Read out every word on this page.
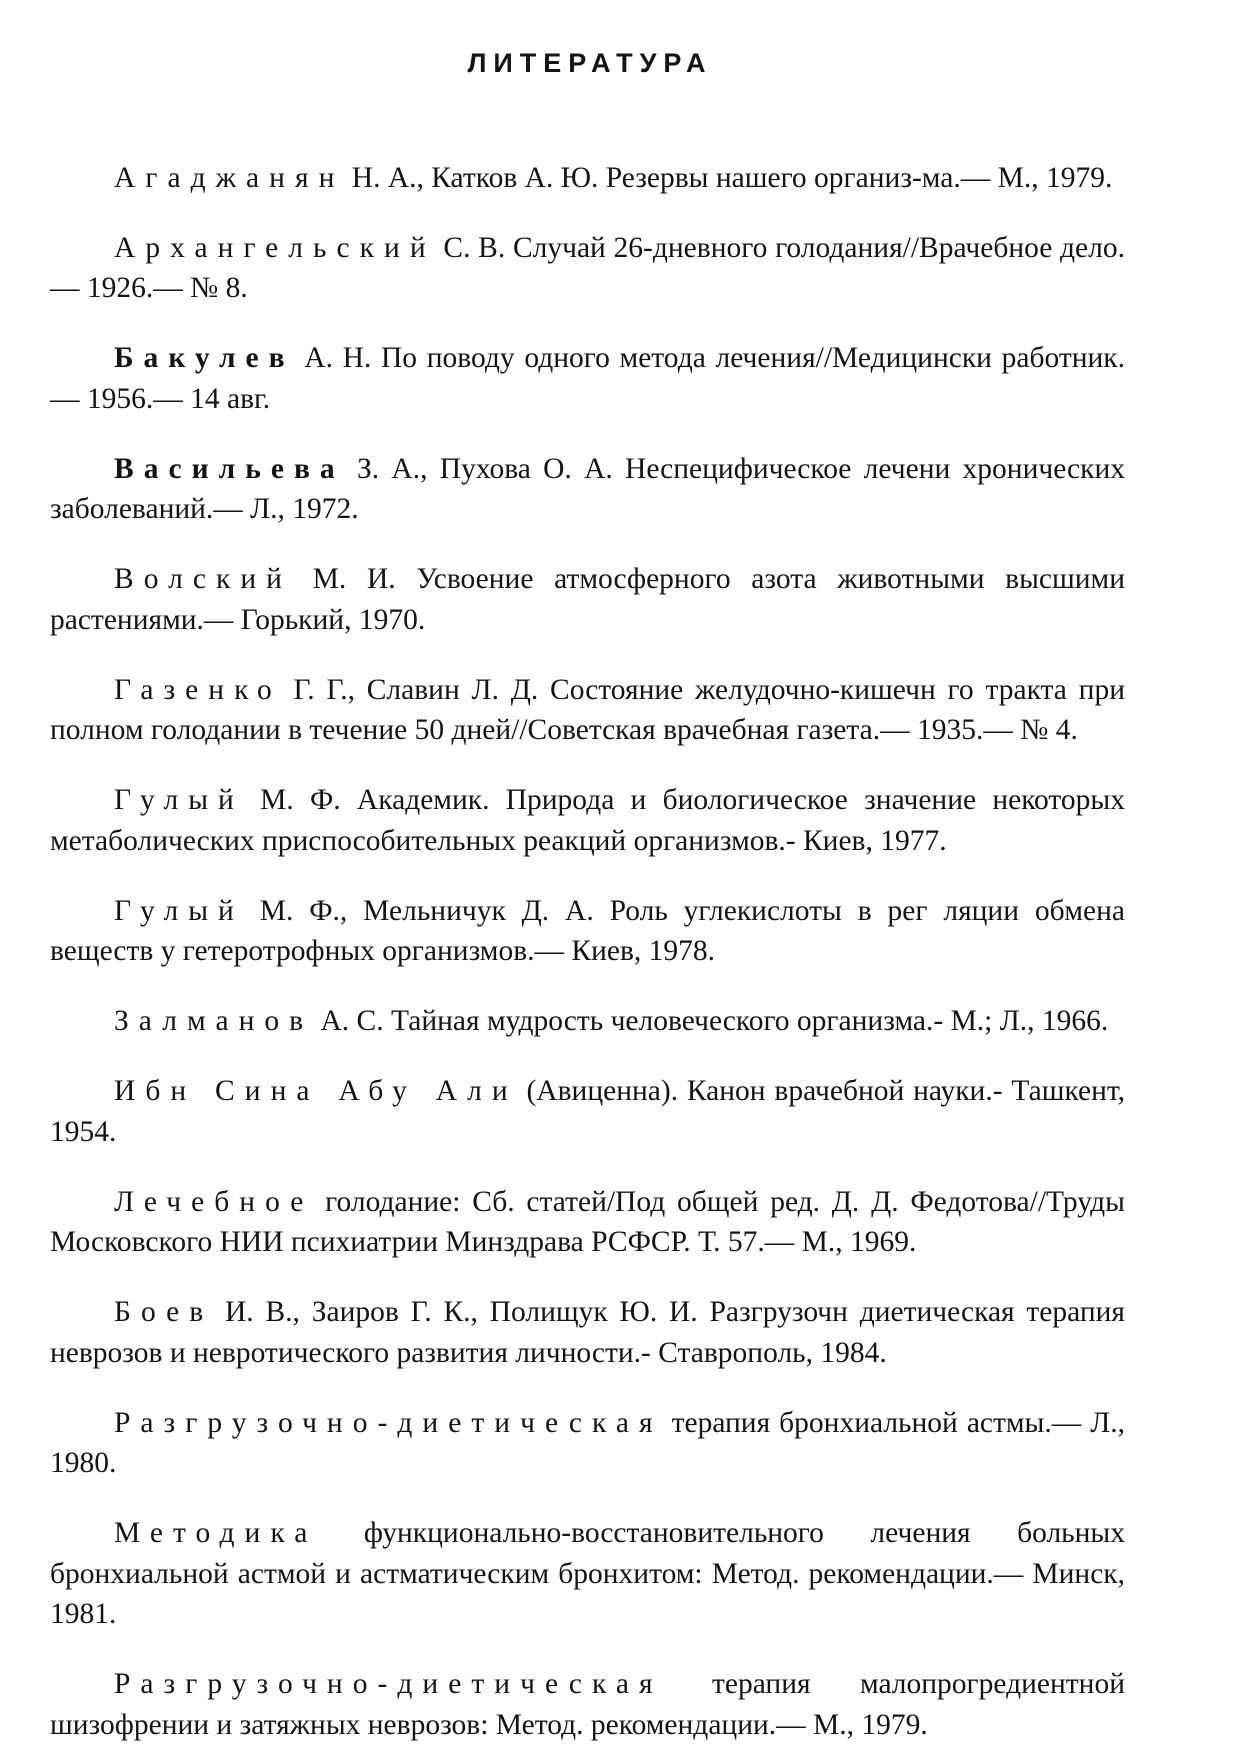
ЛИТЕРАТУРА

Агаджанян Н. А., Катков А. Ю. Резервы нашего организ-ма.— М., 1979.

Архангельский С. В. Случай 26-дневного голодания//Врачебное дело.— 1926.— № 8.

Бакулев А. Н. По поводу одного метода лечения//Медицински работник.— 1956.— 14 авг.

Васильева З. А., Пухова О. А. Неспецифическое лечени хронических заболеваний.— Л., 1972.

Волский М. И. Усвоение атмосферного азота животными высшими растениями.— Горький, 1970.

Газенко Г. Г., Славин Л. Д. Состояние желудочно-кишечн го тракта при полном голодании в течение 50 дней//Советская врачебная газета.— 1935.— № 4.

Гулый М. Ф. Академик. Природа и биологическое значение некоторых метаболических приспособительных реакций организмов.- Киев, 1977.

Гулый М. Ф., Мельничук Д. А. Роль углекислоты в рег ляции обмена веществ у гетеротрофных организмов.— Киев, 1978.

Залманов А. С. Тайная мудрость человеческого организма.- М.; Л., 1966.

Ибн Сина Абу Али (Авиценна). Канон врачебной науки.- Ташкент, 1954.

Лечебное голодание: Сб. статей/Под общей ред. Д. Д. Федотова//Труды Московского НИИ психиатрии Минздрава РСФСР. Т. 57.— М., 1969.

Боев И. В., Заиров Г. К., Полищук Ю. И. Разгрузочн диетическая терапия неврозов и невротического развития личности.- Ставрополь, 1984.

Разгрузочно-диетическая терапия бронхиальной астмы.— Л., 1980.

Методика функционально-восстановительного лечения больных бронхиальной астмой и астматическим бронхитом: Метод. рекомендации.— Минск, 1981.

Разгрузочно-диетическая терапия малопрогредиентной шизофрении и затяжных неврозов: Метод. рекомендации.— М., 1979.
